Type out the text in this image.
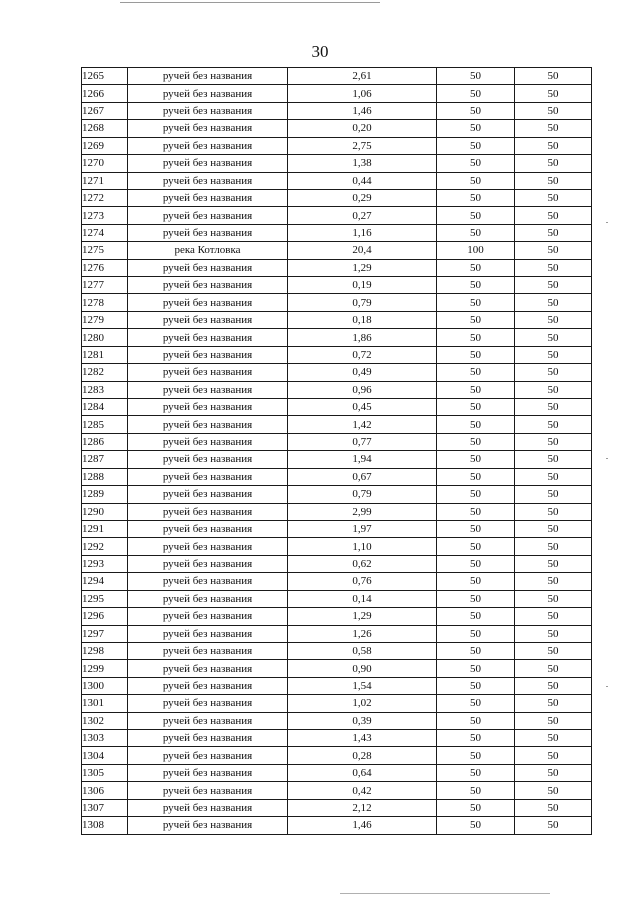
30
1265	ручей без названия	2,61	50	50
1266	ручей без названия	1,06	50	50
1267	ручей без названия	1,46	50	50
1268	ручей без названия	0,20	50	50
1269	ручей без названия	2,75	50	50
1270	ручей без названия	1,38	50	50
1271	ручей без названия	0,44	50	50
1272	ручей без названия	0,29	50	50
1273	ручей без названия	0,27	50	50
1274	ручей без названия	1,16	50	50
1275	река Котловка	20,4	100	50
1276	ручей без названия	1,29	50	50
1277	ручей без названия	0,19	50	50
1278	ручей без названия	0,79	50	50
1279	ручей без названия	0,18	50	50
1280	ручей без названия	1,86	50	50
1281	ручей без названия	0,72	50	50
1282	ручей без названия	0,49	50	50
1283	ручей без названия	0,96	50	50
1284	ручей без названия	0,45	50	50
1285	ручей без названия	1,42	50	50
1286	ручей без названия	0,77	50	50
1287	ручей без названия	1,94	50	50
1288	ручей без названия	0,67	50	50
1289	ручей без названия	0,79	50	50
1290	ручей без названия	2,99	50	50
1291	ручей без названия	1,97	50	50
1292	ручей без названия	1,10	50	50
1293	ручей без названия	0,62	50	50
1294	ручей без названия	0,76	50	50
1295	ручей без названия	0,14	50	50
1296	ручей без названия	1,29	50	50
1297	ручей без названия	1,26	50	50
1298	ручей без названия	0,58	50	50
1299	ручей без названия	0,90	50	50
1300	ручей без названия	1,54	50	50
1301	ручей без названия	1,02	50	50
1302	ручей без названия	0,39	50	50
1303	ручей без названия	1,43	50	50
1304	ручей без названия	0,28	50	50
1305	ручей без названия	0,64	50	50
1306	ручей без названия	0,42	50	50
1307	ручей без названия	2,12	50	50
1308	ручей без названия	1,46	50	50
